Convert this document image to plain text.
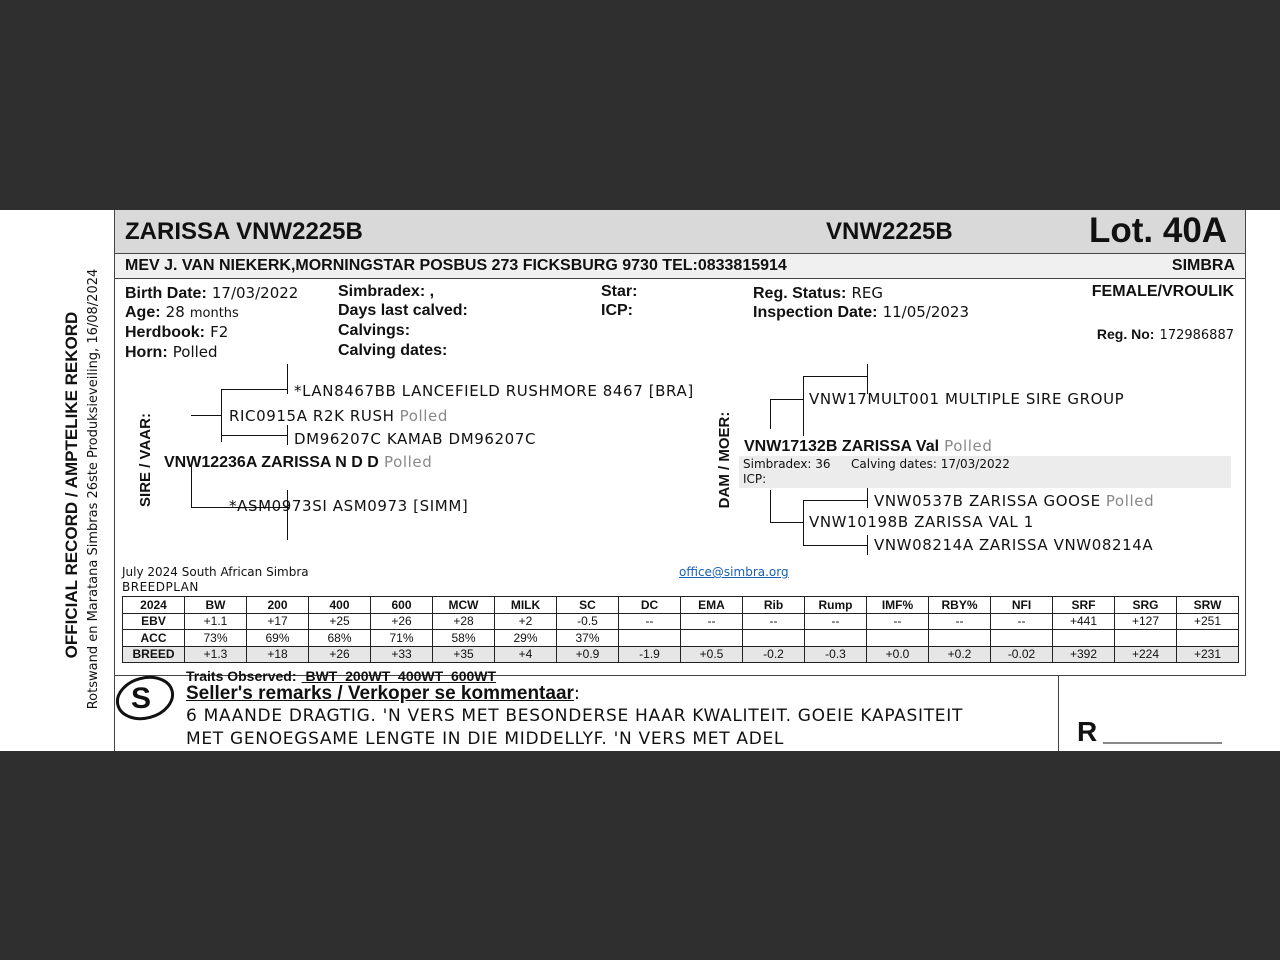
OFFICIAL RECORD / AMPTELIKE REKORD Rotswand en Maratana Simbras 26ste Produksieveiling, 16/08/2024
ZARISSA VNW2225B	VNW2225B	Lot. 40A
MEV J. VAN NIEKERK,MORNINGSTAR POSBUS 273 FICKSBURG 9730 TEL:0833815914	SIMBRA
Birth Date: 17/03/2022
Age: 28 months
Herdbook: F2
Horn: Polled
Simbradex: ,
Days last calved:
Calvings:
Calving dates:
Star:
ICP:
Reg. Status: REG
Inspection Date: 11/05/2023
FEMALE/VROULIK
Reg. No: 172986887
SIRE / VAAR:
*LAN8467BB LANCEFIELD RUSHMORE 8467 [BRA]
RIC0915A R2K RUSH Polled
DM96207C KAMAB DM96207C
VNW12236A ZARISSA N D D Polled
*ASM0973SI ASM0973 [SIMM]	DAM / MOER:
VNW17MULT001 MULTIPLE SIRE GROUP
VNW17132B ZARISSA Val Polled
Simbradex: 36 Calving dates: 17/03/2022
ICP:
VNW0537B ZARISSA GOOSE Polled
VNW10198B ZARISSA VAL 1
VNW08214A ZARISSA VNW08214A
July 2024 South African Simbra
BREEDPLAN
office@simbra.org
2024	BW	200	400	600	MCW	MILK	SC	DC	EMA	Rib	Rump	IMF%	RBY%	NFI	SRF	SRG	SRW
EBV	+1.1	+17	+25	+26	+28	+2	-0.5	--	--	--	--	--	--	--	+441	+127	+251
ACC	73%	69%	68%	71%	58%	29%	37%										
BREED	+1.3	+18	+26	+33	+35	+4	+0.9	-1.9	+0.5	-0.2	-0.3	+0.0	+0.2	-0.02	+392	+224	+231
Traits Observed:  BWT  200WT  400WT  600WT
S Seller's remarks / Verkoper se kommentaar:
6 MAANDE DRAGTIG. 'N VERS MET BESONDERSE HAAR KWALITEIT. GOEIE KAPASITEIT
MET GENOEGSAME LENGTE IN DIE MIDDELLYF. 'N VERS MET ADEL	R _________________
